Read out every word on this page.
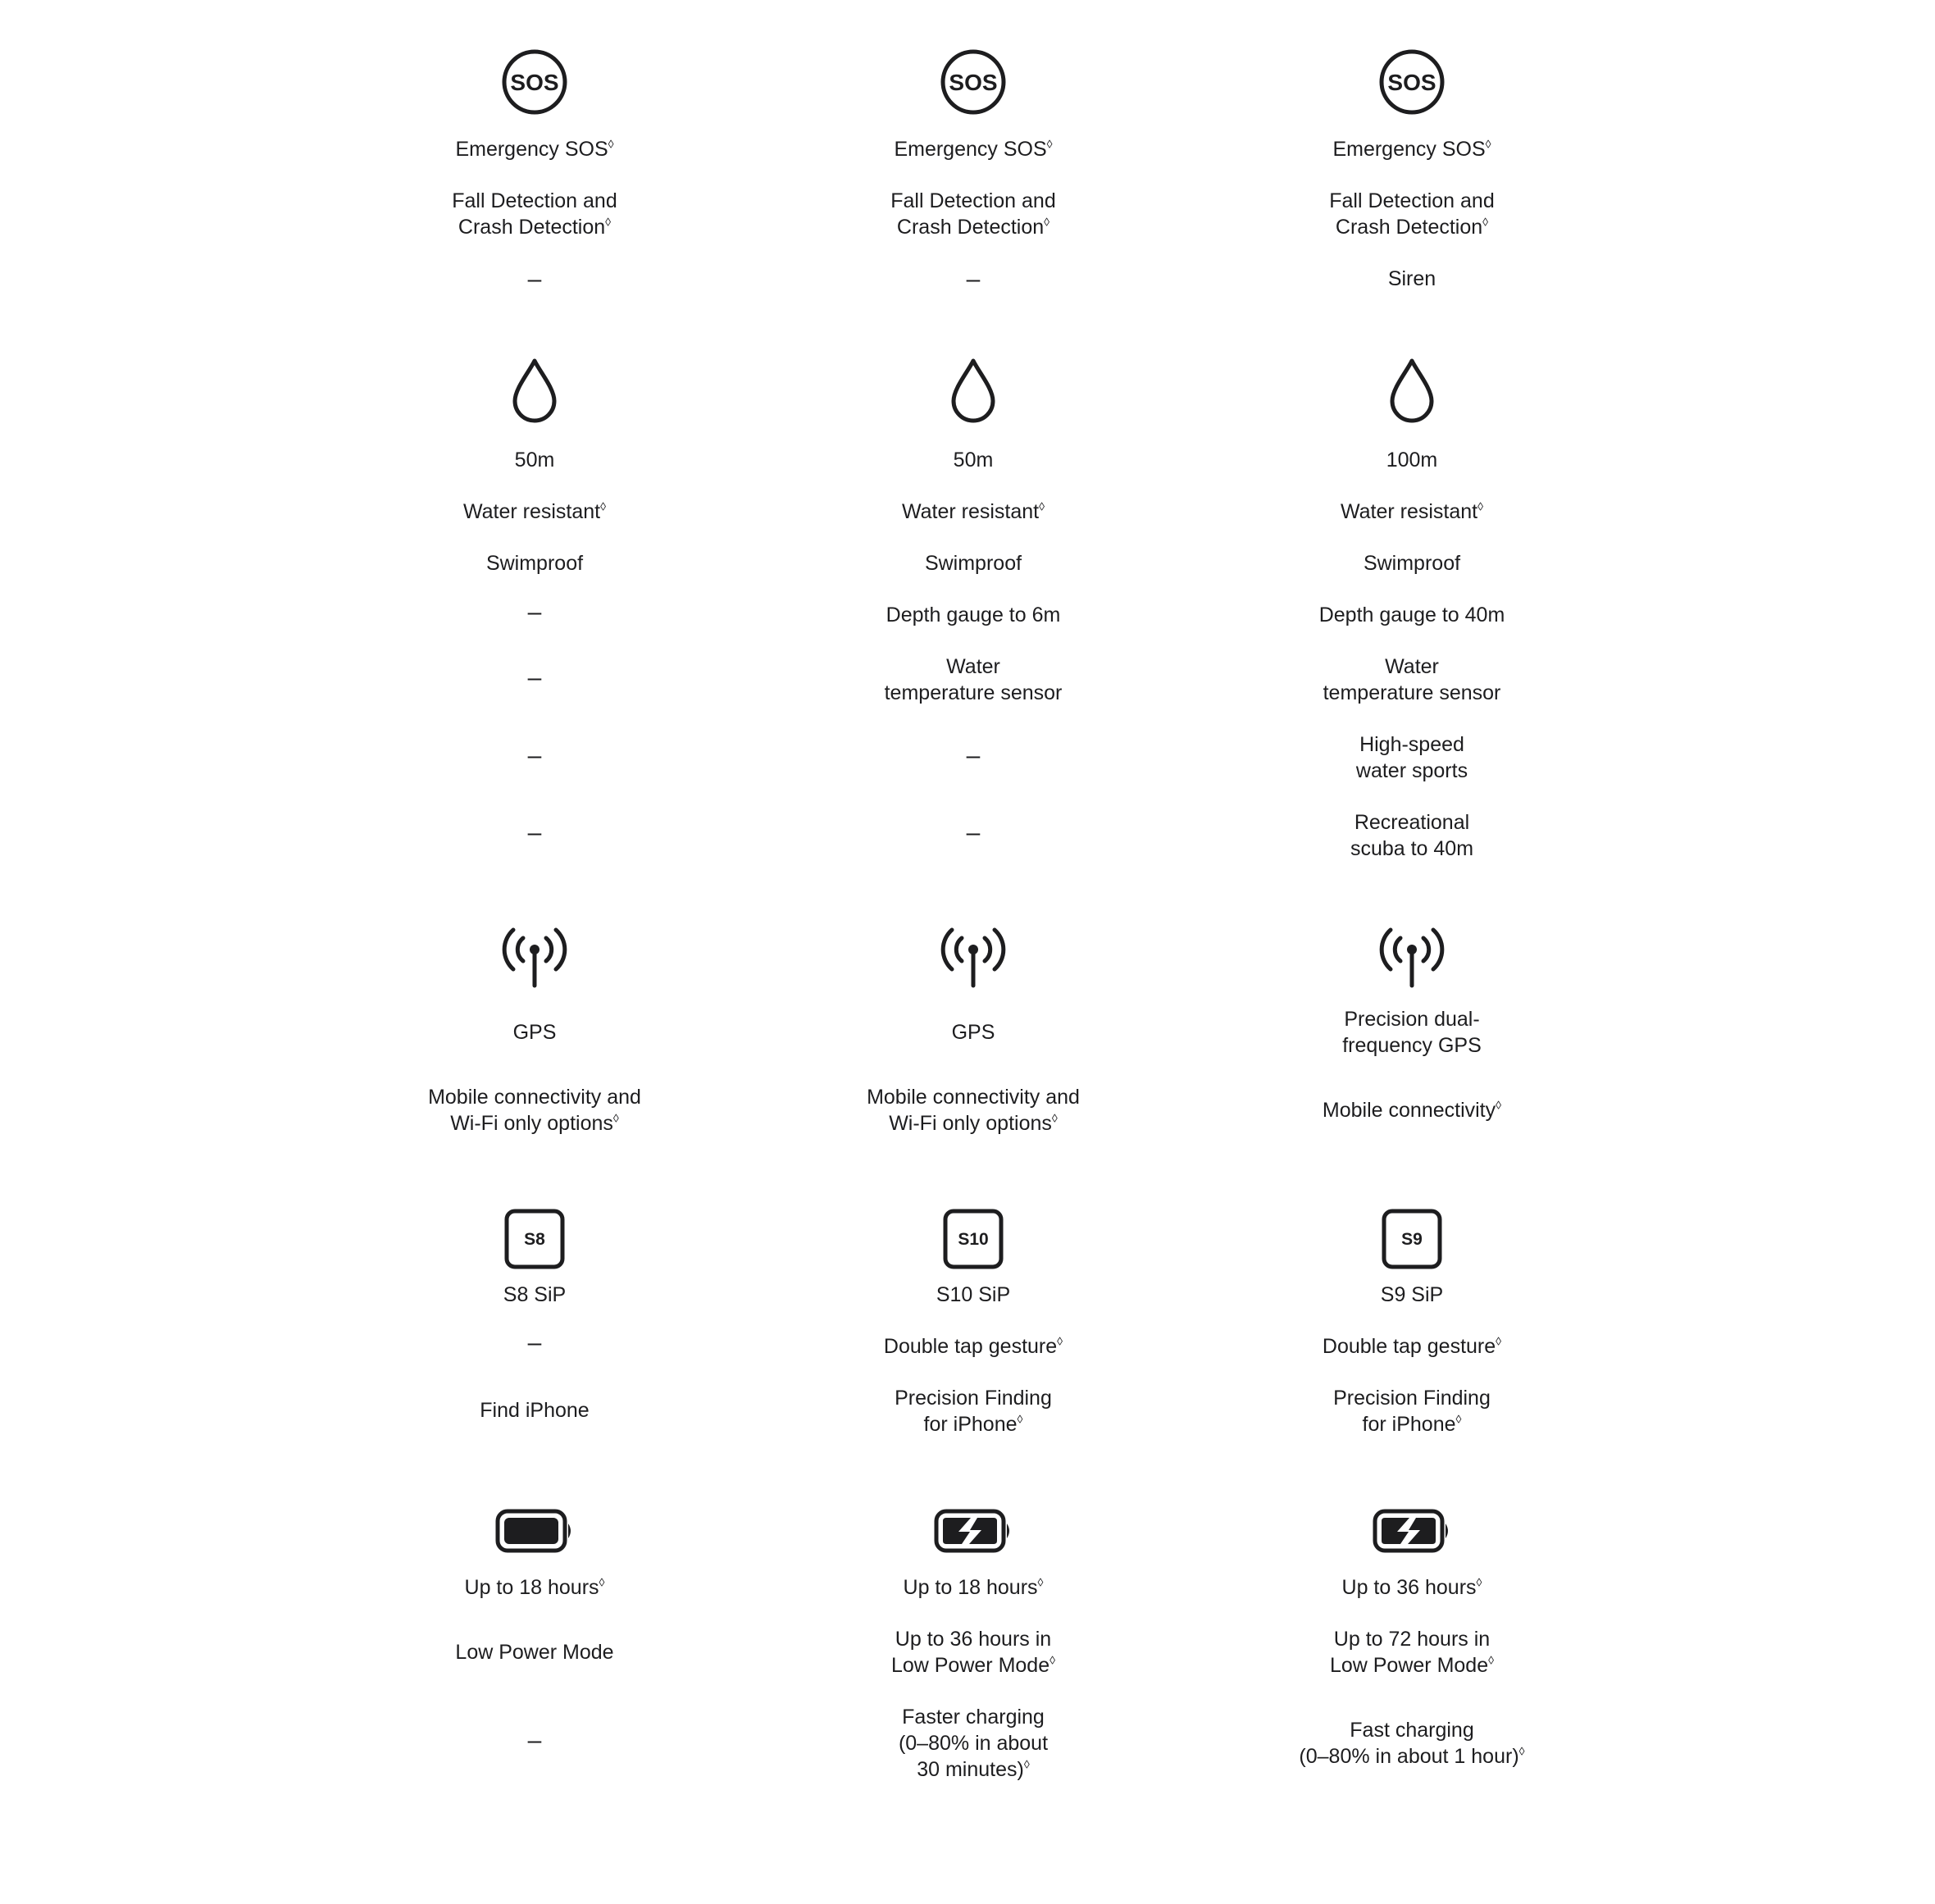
SOS
Emergency SOS◊
Fall Detection and
Crash Detection◊
–
50m
Water resistant◊
Swimproof
–
–
–
–
GPS
Mobile connectivity and
Wi-Fi only options◊
S8
S8 SiP
–
Find iPhone
Up to 18 hours◊
Low Power Mode
–
SOS
Emergency SOS◊
Fall Detection and
Crash Detection◊
–
50m
Water resistant◊
Swimproof
Depth gauge to 6m
Water
temperature sensor
–
–
GPS
Mobile connectivity and
Wi-Fi only options◊
S10
S10 SiP
Double tap gesture◊
Precision Finding
for iPhone◊
Up to 18 hours◊
Up to 36 hours in
Low Power Mode◊
Faster charging
(0–80% in about
30 minutes)◊
SOS
Emergency SOS◊
Fall Detection and
Crash Detection◊
Siren
100m
Water resistant◊
Swimproof
Depth gauge to 40m
Water
temperature sensor
High-speed
water sports
Recreational
scuba to 40m
Precision dual-
frequency GPS
Mobile connectivity◊
S9
S9 SiP
Double tap gesture◊
Precision Finding
for iPhone◊
Up to 36 hours◊
Up to 72 hours in
Low Power Mode◊
Fast charging
(0–80% in about 1 hour)◊
